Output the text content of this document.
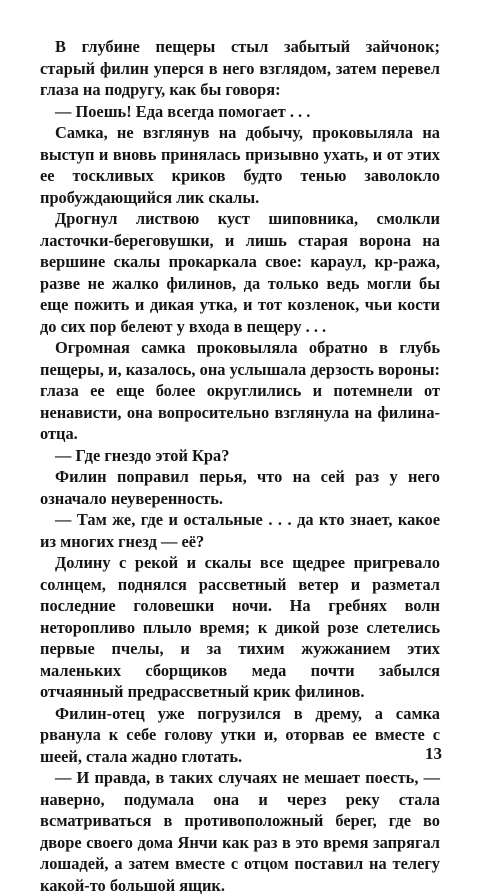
В глубине пещеры стыл забытый зайчонок; старый филин уперся в него взглядом, затем перевел глаза на подругу, как бы говоря:

— Поешь! Еда всегда помогает . . .

Самка, не взглянув на добычу, проковыляла на выступ и вновь принялась призывно ухать, и от этих ее тоскливых криков будто тенью заволокло пробуждающийся лик скалы.

Дрогнул листвою куст шиповника, смолкли ласточки-береговушки, и лишь старая ворона на вершине скалы прокаркала свое: карaул, кр-ража, разве не жалко филинов, да только ведь могли бы еще пожить и дикая утка, и тот козленок, чьи кости до сих пор белеют у входа в пещеру . . .

Огромная самка проковыляла обратно в глубь пещеры, и, казалось, она услышала дерзость вороны: глаза ее еще более округлились и потемнели от ненависти, она вопросительно взглянула на филина-отца.

— Где гнездо этой Кра?

Филин поправил перья, что на сей раз у него означало неуверенность.

— Там же, где и остальные . . . да кто знает, какое из многих гнезд — её?

Долину с рекой и скалы все щедрее пригревало солнцем, поднялся рассветный ветер и разметал последние головешки ночи. На гребнях волн неторопливо плыло время; к дикой розе слетелись первые пчелы, и за тихим жужжанием этих маленьких сборщиков меда почти забылся отчаянный предрассветный крик филинов.

Филин-отец уже погрузился в дрему, а самка рванула к себе голову утки и, оторвав ее вместе с шеей, стала жадно глотать.

— И правда, в таких случаях не мешает поесть, — наверно, подумала она и через реку стала всматриваться в противоположный берег, где во дворе своего дома Янчи как раз в это время запрягал лошадей, а затем вместе с отцом поставил на телегу какой-то большой ящик.

13
